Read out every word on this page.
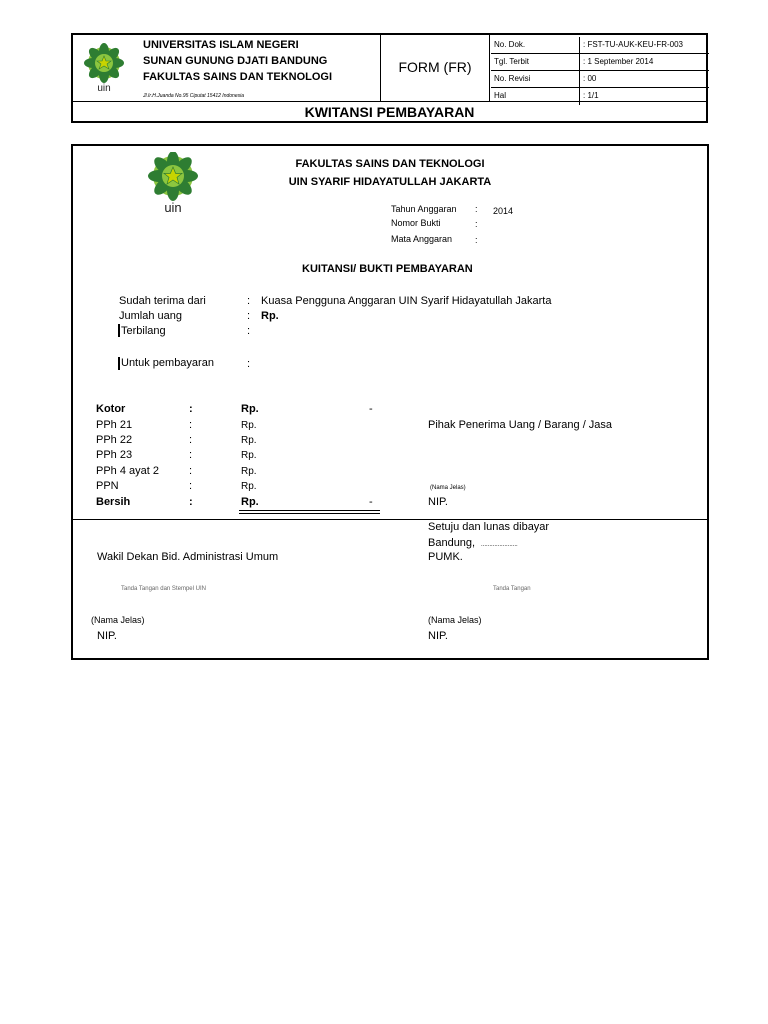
uin
UNIVERSITAS ISLAM NEGERI
SUNAN GUNUNG DJATI BANDUNG
FAKULTAS SAINS DAN TEKNOLOGI
Jl.Ir.H.Juanda No.95 Ciputat 15412 Indonesia
FORM (FR)
No. Dok.	: FST-TU-AUK-KEU-FR-003
Tgl. Terbit	: 1 September 2014
No. Revisi	: 00
Hal	: 1/1
KWITANSI PEMBAYARAN
uin
FAKULTAS SAINS DAN TEKNOLOGI
UIN SYARIF HIDAYATULLAH JAKARTA
Tahun Anggaran : 2014
Nomor Bukti	:
Mata Anggaran	:
KUITANSI/ BUKTI PEMBAYARAN
Sudah terima dari	: Kuasa Pengguna Anggaran UIN Syarif Hidayatullah Jakarta
Jumlah uang	: Rp.
Terbilang	:
Untuk pembayaran	:
Kotor	:	Rp.	-
PPh 21	:	Rp.
PPh 22	:	Rp.
PPh 23	:	Rp.
PPh 4 ayat 2	:	Rp.
PPN	:	Rp.
Bersih	:	Rp.	-
Pihak Penerima Uang / Barang / Jasa
(Nama Jelas)
NIP.
Setuju dan lunas dibayar
Bandung, ......................
Wakil Dekan Bid. Administrasi Umum	PUMK.
Tanda Tangan dan Stempel UIN	Tanda Tangan
(Nama Jelas)	(Nama Jelas)
NIP.	NIP.
